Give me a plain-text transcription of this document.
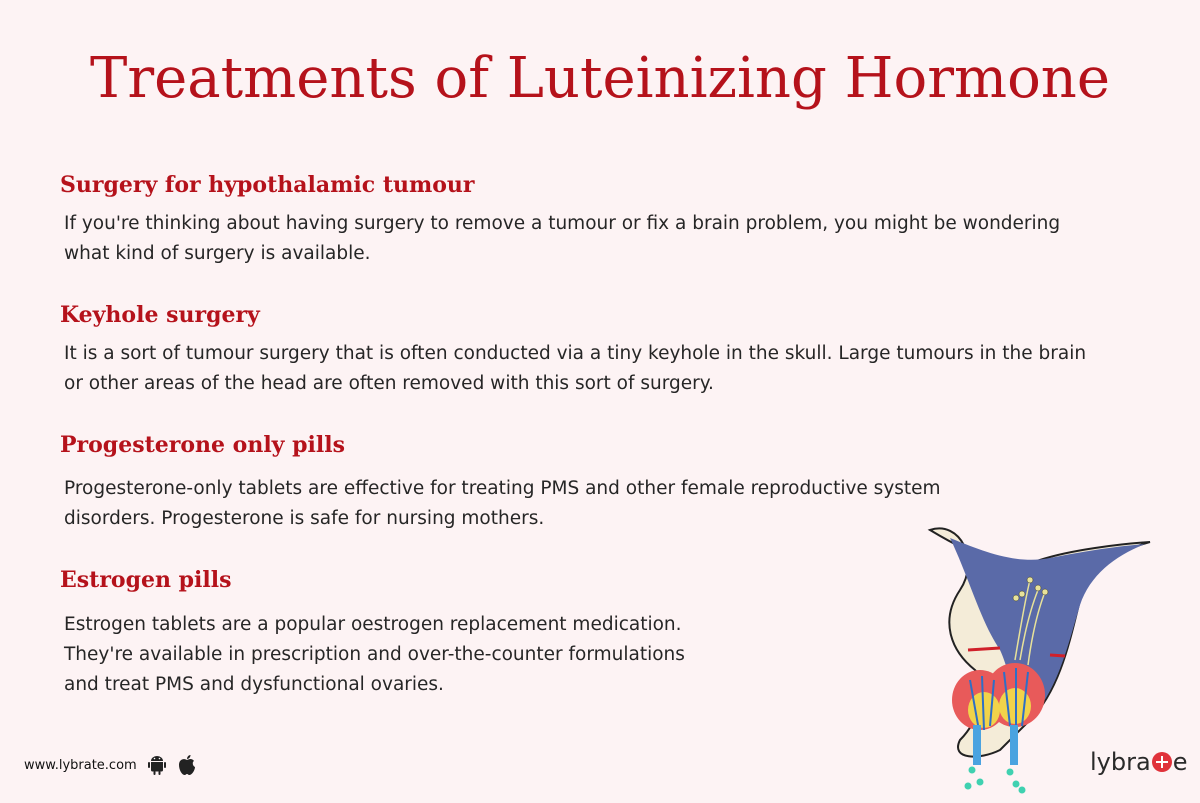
Treatments of Luteinizing Hormone
Surgery for hypothalamic tumour
If you're thinking about having surgery to remove a tumour or fix a brain problem, you might be wondering
what kind of surgery is available.
Keyhole surgery
It is a sort of tumour surgery that is often conducted via a tiny keyhole in the skull. Large tumours in the brain
or other areas of the head are often removed with this sort of surgery.
Progesterone only pills
Progesterone-only tablets are effective for treating PMS and other female reproductive system
disorders. Progesterone is safe for nursing mothers.
Estrogen pills
Estrogen tablets are a popular oestrogen replacement medication.
They're available in prescription and over-the-counter formulations
and treat PMS and dysfunctional ovaries.
www.lybrate.com	lybra e
